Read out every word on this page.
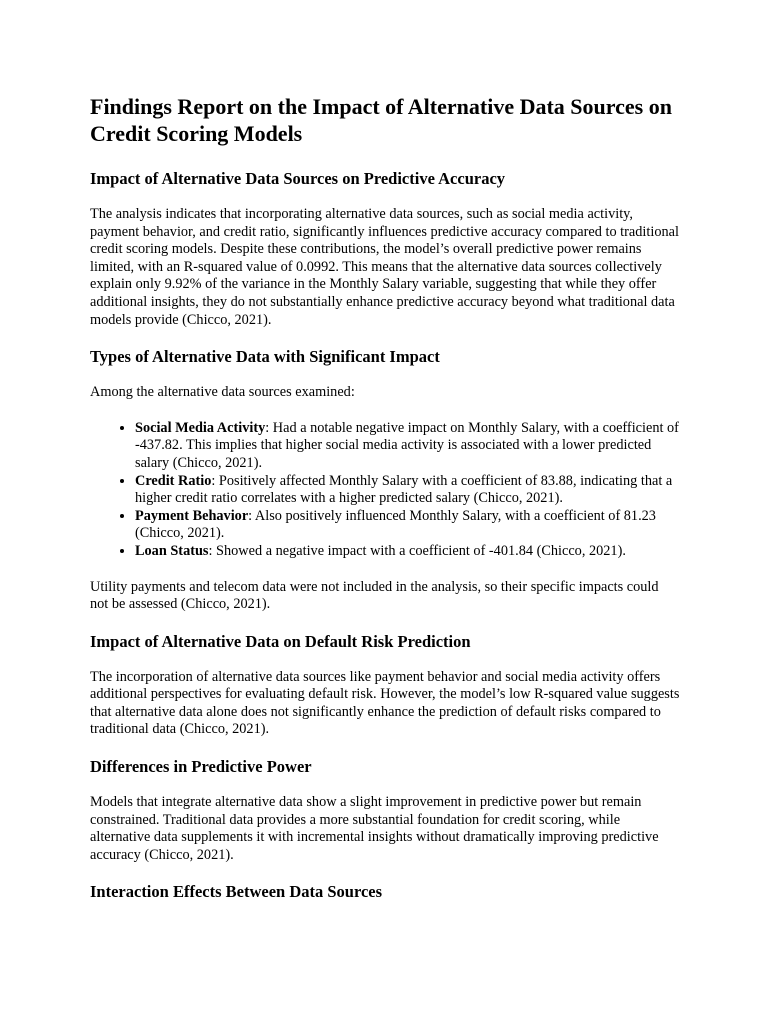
Findings Report on the Impact of Alternative Data Sources on Credit Scoring Models
Impact of Alternative Data Sources on Predictive Accuracy

The analysis indicates that incorporating alternative data sources, such as social media activity, payment behavior, and credit ratio, significantly influences predictive accuracy compared to traditional credit scoring models. Despite these contributions, the model’s overall predictive power remains limited, with an R-squared value of 0.0992. This means that the alternative data sources collectively explain only 9.92% of the variance in the Monthly Salary variable, suggesting that while they offer additional insights, they do not substantially enhance predictive accuracy beyond what traditional data models provide (Chicco, 2021).

Types of Alternative Data with Significant Impact

Among the alternative data sources examined:

• Social Media Activity: Had a notable negative impact on Monthly Salary, with a coefficient of -437.82. This implies that higher social media activity is associated with a lower predicted salary (Chicco, 2021).
• Credit Ratio: Positively affected Monthly Salary with a coefficient of 83.88, indicating that a higher credit ratio correlates with a higher predicted salary (Chicco, 2021).
• Payment Behavior: Also positively influenced Monthly Salary, with a coefficient of 81.23 (Chicco, 2021).
• Loan Status: Showed a negative impact with a coefficient of -401.84 (Chicco, 2021).

Utility payments and telecom data were not included in the analysis, so their specific impacts could not be assessed (Chicco, 2021).

Impact of Alternative Data on Default Risk Prediction

The incorporation of alternative data sources like payment behavior and social media activity offers additional perspectives for evaluating default risk. However, the model’s low R-squared value suggests that alternative data alone does not significantly enhance the prediction of default risks compared to traditional data (Chicco, 2021).

Differences in Predictive Power

Models that integrate alternative data show a slight improvement in predictive power but remain constrained. Traditional data provides a more substantial foundation for credit scoring, while alternative data supplements it with incremental insights without dramatically improving predictive accuracy (Chicco, 2021).

Interaction Effects Between Data Sources
